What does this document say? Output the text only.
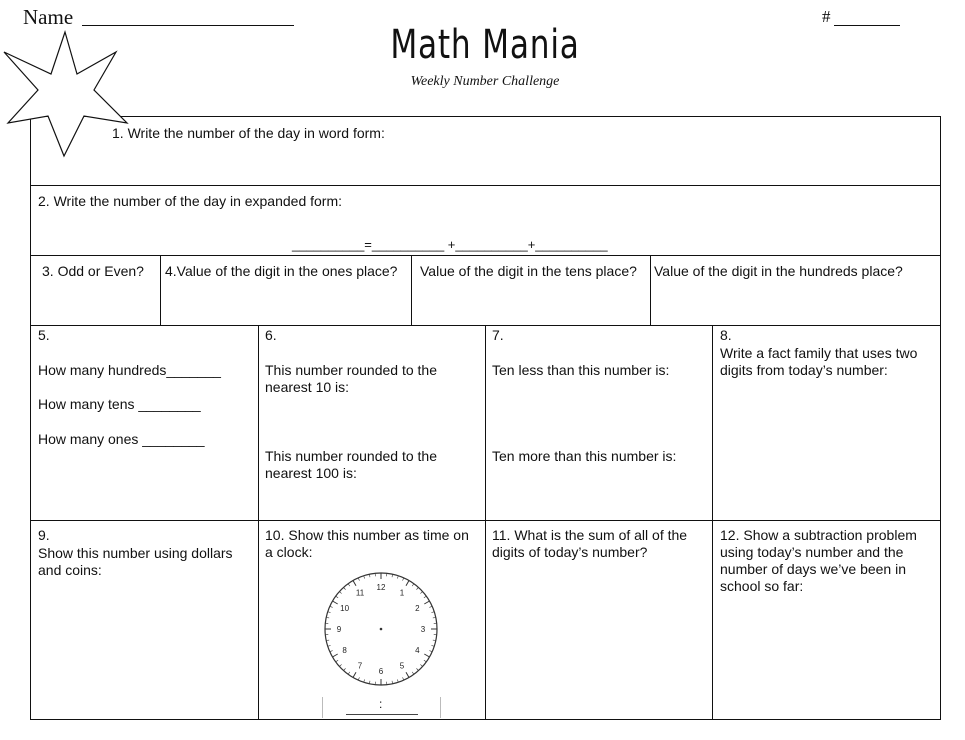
Name	#
Math Mania
Weekly Number Challenge
1. Write the number of the day in word form:
2. Write the number of the day in expanded form:
__________=__________ +__________+__________
3. Odd or Even? 4.Value of the digit in the ones place? Value of the digit in the tens place? Value of the digit in the hundreds place?
5.
How many hundreds_______
How many tens ________
How many ones ________
6.
This number rounded to the nearest 10 is:
This number rounded to the nearest 100 is:
7.
Ten less than this number is:
Ten more than this number is:
8.
Write a fact family that uses two digits from today’s number:
9.
Show this number using dollars and coins:
10. Show this number as time on a clock:
12
1
2
3
4
5
6
7
8
9
10
11
:
11. What is the sum of all of the digits of today’s number?
12. Show a subtraction problem using today’s number and the number of days we’ve been in school so far:
